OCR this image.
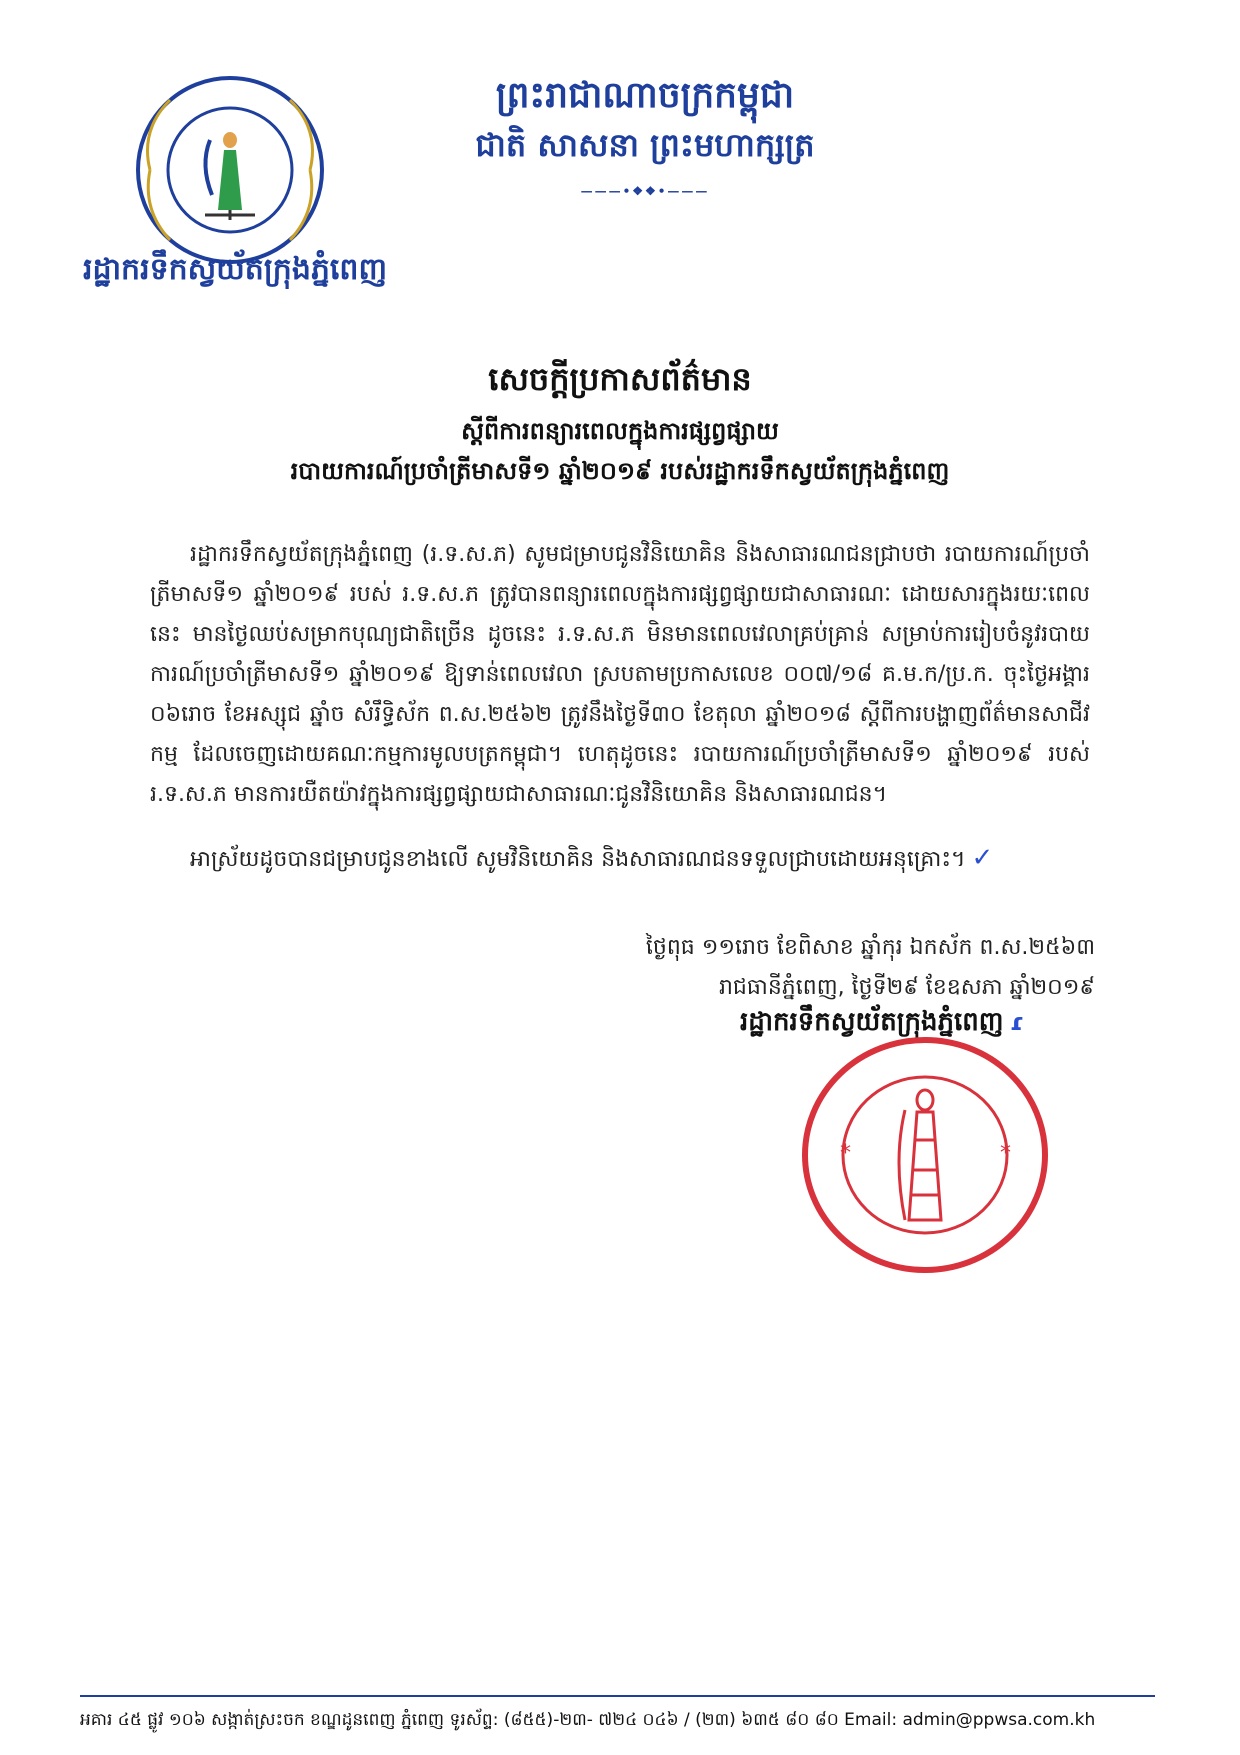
រដ្ឋាករទឹកស្វយ័តក្រុងភ្នំពេញ
ព្រះរាជាណាចក្រកម្ពុជា
ជាតិ សាសនា ព្រះមហាក្សត្រ
———•❖❖•———
សេចក្ដីប្រកាសព័ត៌មាន
ស្ដីពីការពន្យារពេលក្នុងការផ្សព្វផ្សាយ
របាយការណ៍ប្រចាំត្រីមាសទី១ ឆ្នាំ២០១៩ របស់រដ្ឋាករទឹកស្វយ័តក្រុងភ្នំពេញ

រដ្ឋាករទឹកស្វយ័តក្រុងភ្នំពេញ (រ.ទ.ស.ភ) សូមជម្រាបជូនវិនិយោគិន និងសាធារណជនជ្រាបថា របាយការណ៍ប្រចាំត្រីមាសទី១ ឆ្នាំ២០១៩ របស់ រ.ទ.ស.ភ ត្រូវបានពន្យារពេលក្នុងការផ្សព្វផ្សាយជាសាធារណៈ ដោយសារក្នុងរយៈពេលនេះ មានថ្ងៃឈប់សម្រាកបុណ្យជាតិច្រើន ដូចនេះ រ.ទ.ស.ភ មិនមានពេលវេលាគ្រប់គ្រាន់ សម្រាប់ការរៀបចំនូវរបាយការណ៍ប្រចាំត្រីមាសទី១ ឆ្នាំ២០១៩ ឱ្យទាន់ពេលវេលា ស្របតាមប្រកាសលេខ ០០៧/១៨ គ.ម.ក/ប្រ.ក. ចុះថ្ងៃអង្គារ ០៦រោច ខែអស្សុជ ឆ្នាំច សំរឹទ្ធិស័ក ព.ស.២៥៦២ ត្រូវនឹងថ្ងៃទី៣០ ខែតុលា ឆ្នាំ២០១៨ ស្ដីពីការបង្ហាញព័ត៌មានសាជីវកម្ម ដែលចេញដោយគណៈកម្មការមូលបត្រកម្ពុជា។ ហេតុដូចនេះ របាយការណ៍ប្រចាំត្រីមាសទី១ ឆ្នាំ២០១៩ របស់ រ.ទ.ស.ភ មានការយឺតយ៉ាវក្នុងការផ្សព្វផ្សាយជាសាធារណៈជូនវិនិយោគិន និងសាធារណជន។

អាស្រ័យដូចបានជម្រាបជូនខាងលើ សូមវិនិយោគិន និងសាធារណជនទទួលជ្រាបដោយអនុគ្រោះ។ ✓
ថ្ងៃពុធ ១១រោច ខែពិសាខ ឆ្នាំកុរ ឯកស័ក ព.ស.២៥៦៣
រាជធានីភ្នំពេញ, ថ្ងៃទី២៩ ខែឧសភា ឆ្នាំ២០១៩
រដ្ឋាករទឹកស្វយ័តក្រុងភ្នំពេញ ɾ
*	*
អគារ ៤៥ ផ្លូវ ១០៦ សង្កាត់ស្រះចក ខណ្ឌដូនពេញ ភ្នំពេញ ទូរស័ព្ទ: (៨៥៥)-២៣- ៧២៤ ០៤៦ / (២៣) ៦៣៥ ៨០ ៨០ Email: admin@ppwsa.com.kh
